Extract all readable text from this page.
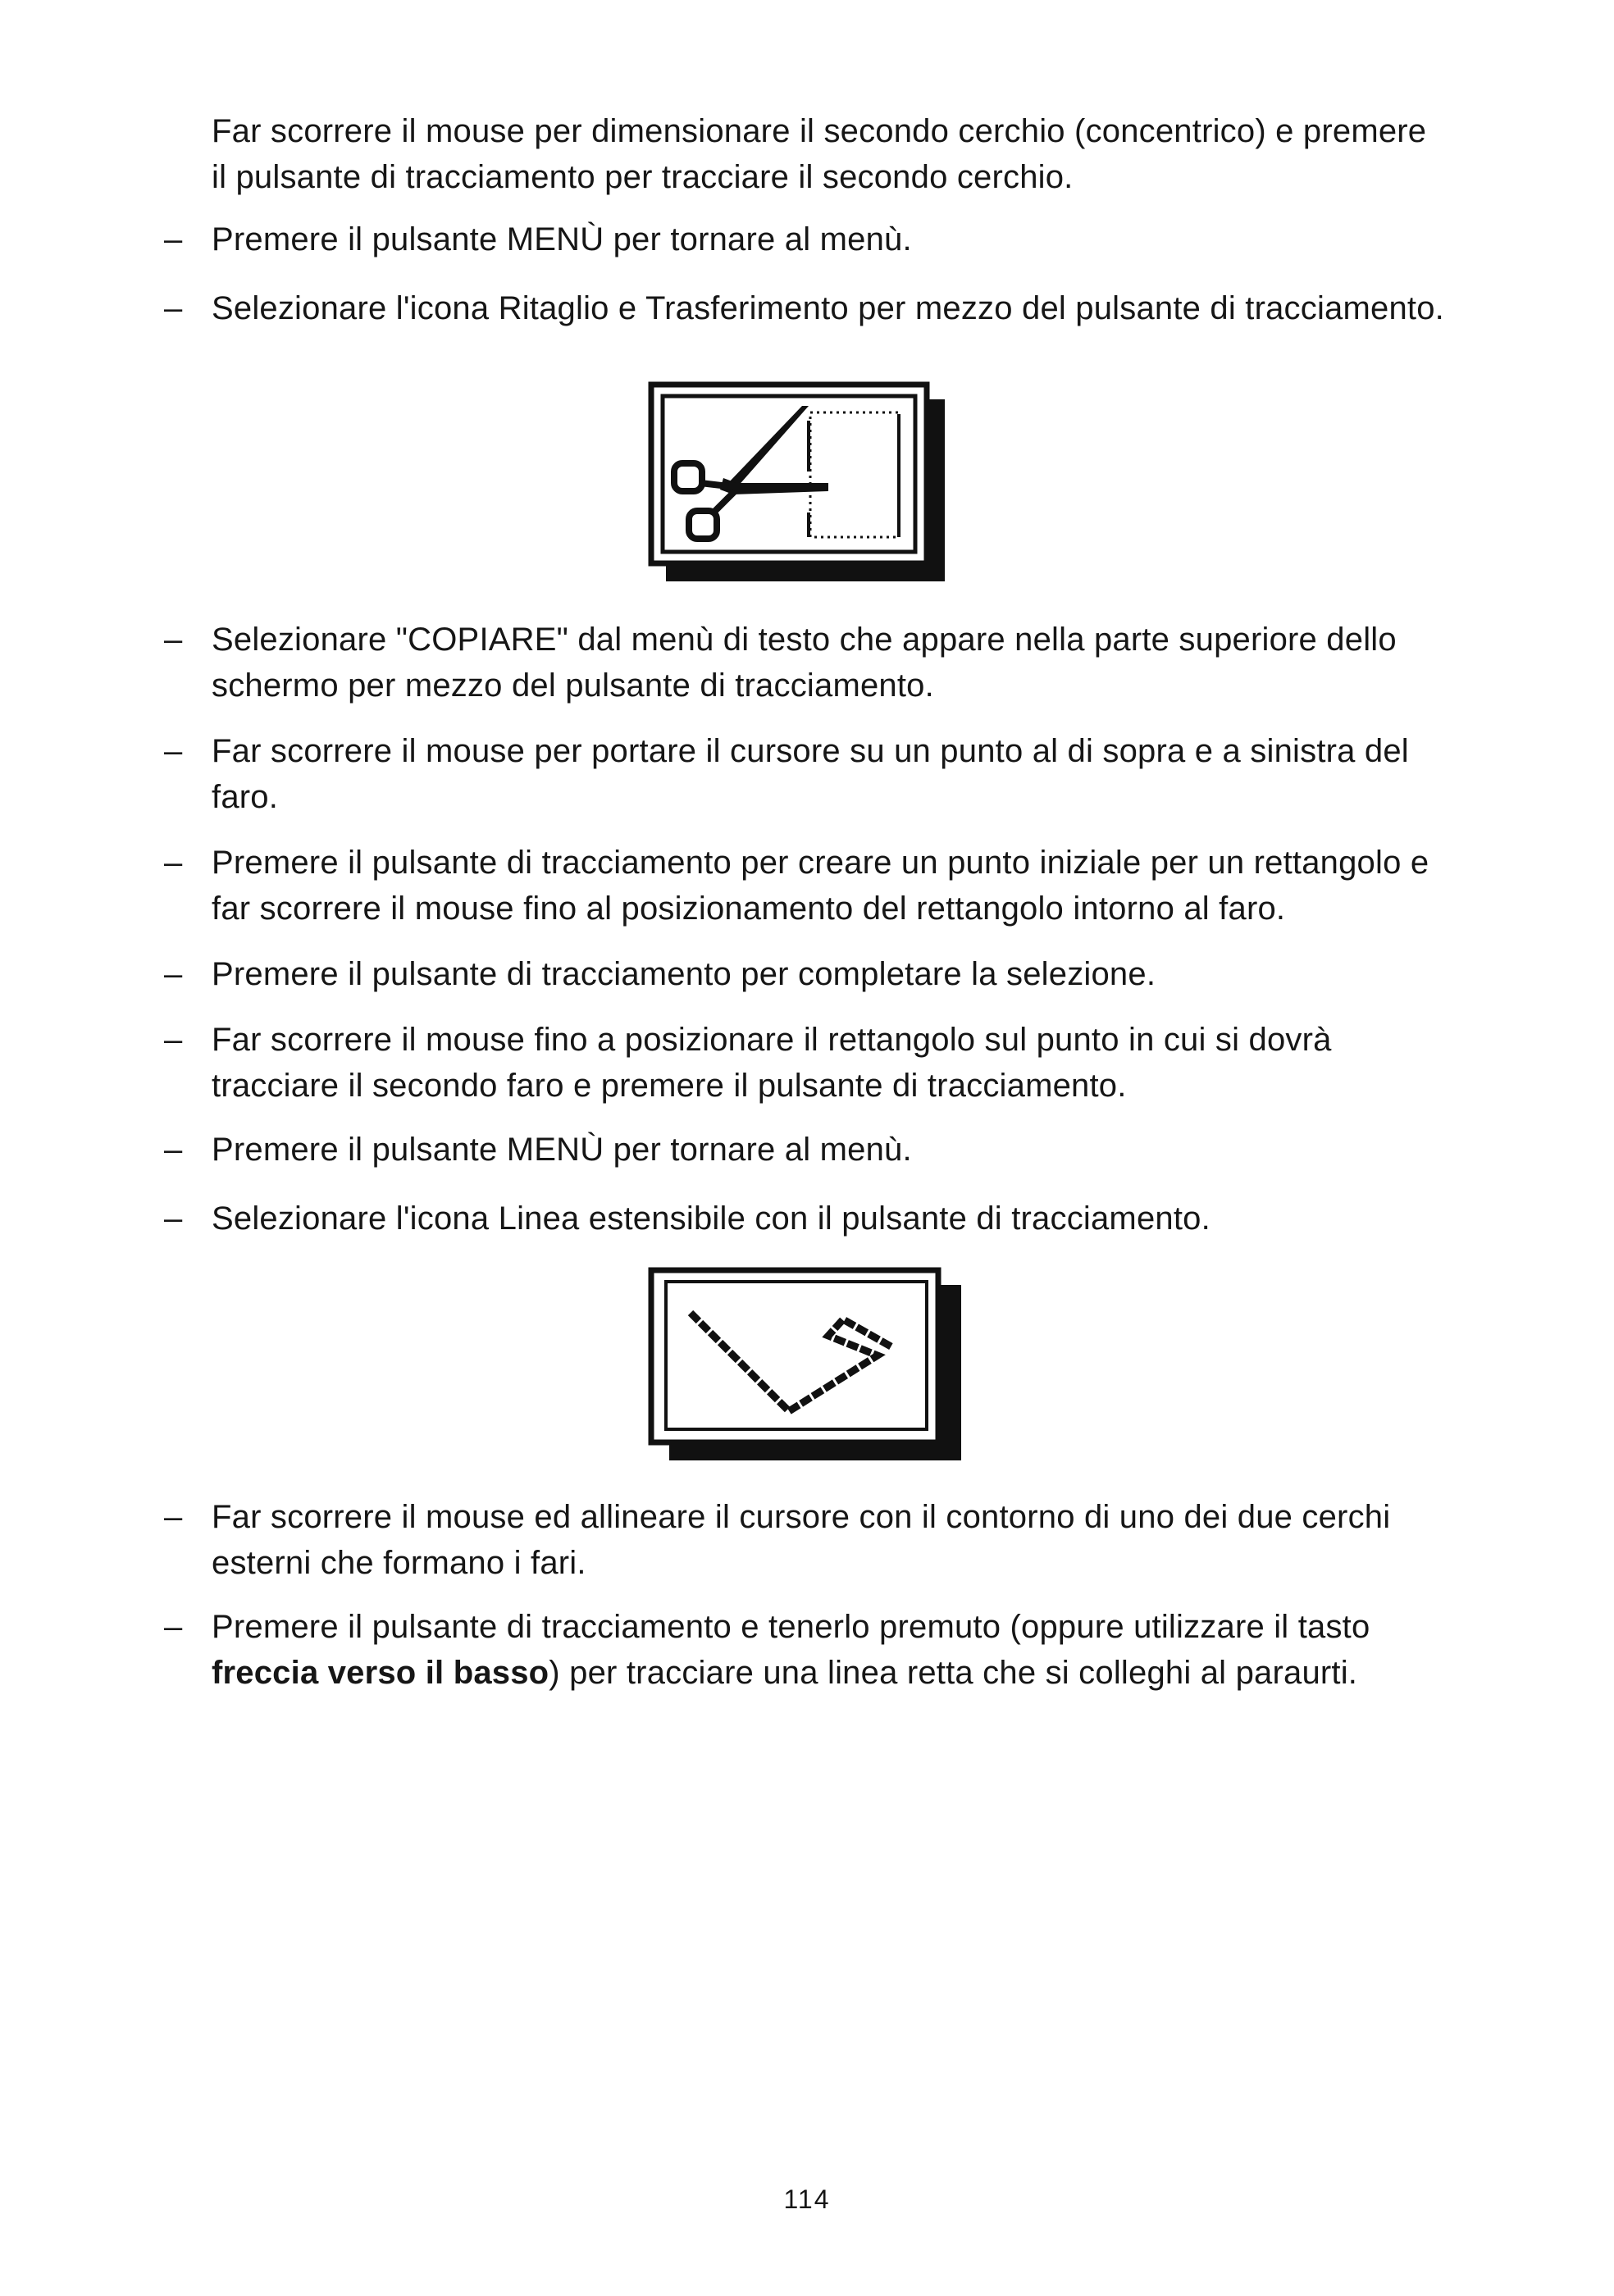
Far scorrere il mouse per dimensionare il secondo cerchio (concentrico) e premere il pulsante di tracciamento per tracciare il secondo cerchio.
– Premere il pulsante MENÙ per tornare al menù.
– Selezionare l'icona Ritaglio e Trasferimento per mezzo del pulsante di tracciamento.
– Selezionare "COPIARE" dal menù di testo che appare nella parte superiore dello schermo per mezzo del pulsante di tracciamento.
– Far scorrere il mouse per portare il cursore su un punto al di sopra e a sinistra del faro.
– Premere il pulsante di tracciamento per creare un punto iniziale per un rettangolo e far scorrere il mouse fino al posizionamento del rettangolo intorno al faro.
– Premere il pulsante di tracciamento per completare la selezione.
– Far scorrere il mouse fino a posizionare il rettangolo sul punto in cui si dovrà tracciare il secondo faro e premere il pulsante di tracciamento.
– Premere il pulsante MENÙ per tornare al menù.
– Selezionare l'icona Linea estensibile con il pulsante di tracciamento.
– Far scorrere il mouse ed allineare il cursore con il contorno di uno dei due cerchi esterni che formano i fari.
– Premere il pulsante di tracciamento e tenerlo premuto (oppure utilizzare il tasto freccia verso il basso) per tracciare una linea retta che si colleghi al paraurti.
114
